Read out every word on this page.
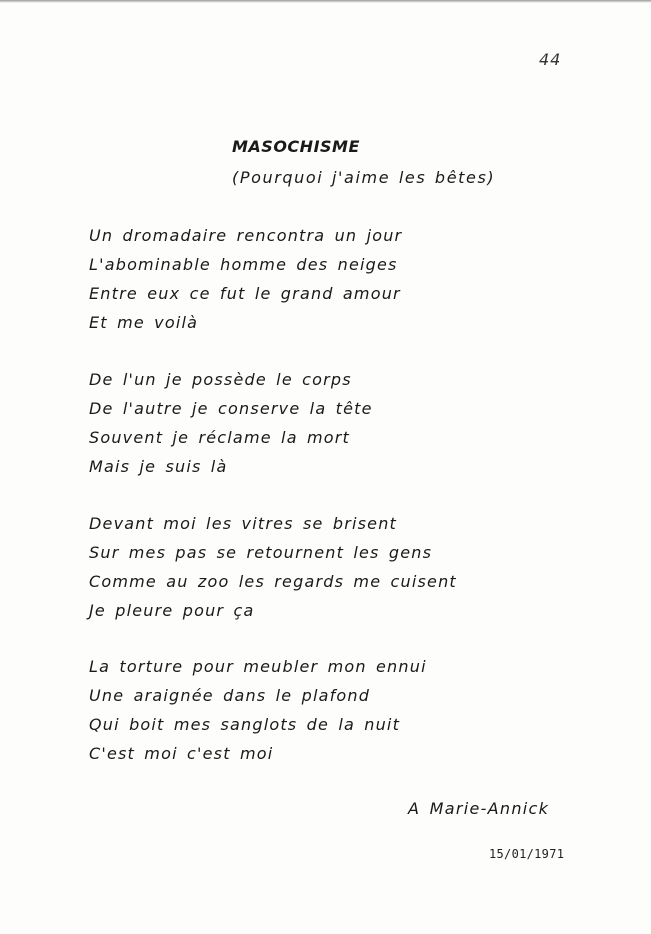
44
MASOCHISME
(Pourquoi j'aime les bêtes)
Un dromadaire rencontra un jour
L'abominable homme des neiges
Entre eux ce fut le grand amour
Et me voilà
De l'un je possède le corps
De l'autre je conserve la tête
Souvent je réclame la mort
Mais je suis là
Devant moi les vitres se brisent
Sur mes pas se retournent les gens
Comme au zoo les regards me cuisent
Je pleure pour ça
La torture pour meubler mon ennui
Une araignée dans le plafond
Qui boit mes sanglots de la nuit
C'est moi c'est moi
A Marie-Annick
15/01/1971
